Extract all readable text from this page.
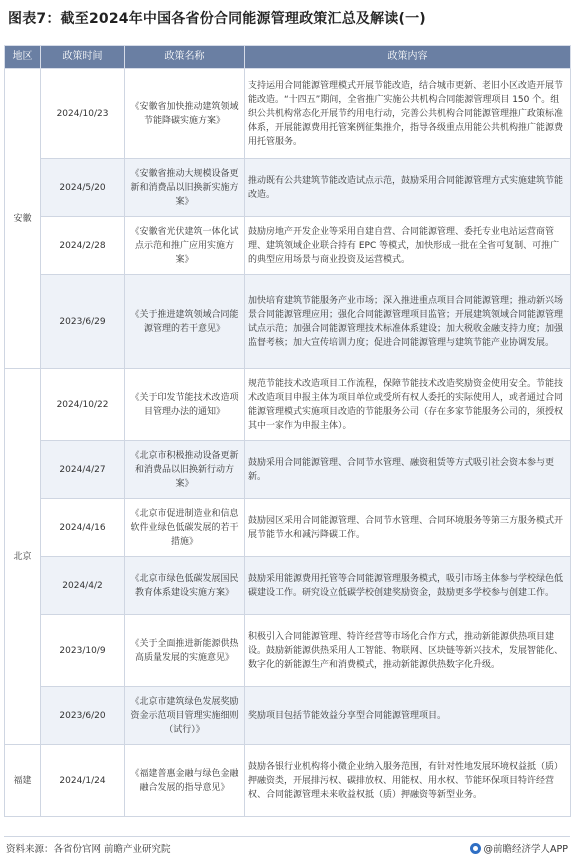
图表7：截至2024年中国各省份合同能源管理政策汇总及解读(一)
地区	政策时间	政策名称	政策内容
安徽	2024/10/23	《安徽省加快推动建筑领域节能降碳实施方案》	支持运用合同能源管理模式开展节能改造，结合城市更新、老旧小区改造开展节能改造。“十四五”期间，全省推广实施公共机构合同能源管理项目 150 个。组织公共机构常态化开展节约用电行动，完善公共机构合同能源管理推广政策标准体系，开展能源费用托管案例征集推介，指导各级重点用能公共机构推广能源费用托管服务。
	2024/5/20	《安徽省推动大规模设备更新和消费品以旧换新实施方案》	推动既有公共建筑节能改造试点示范，鼓励采用合同能源管理方式实施建筑节能改造。
	2024/2/28	《安徽省光伏建筑一体化试点示范和推广应用实施方案》	鼓励房地产开发企业等采用自建自营、合同能源管理、委托专业电站运营商管理、建筑领域企业联合持有 EPC 等模式，加快形成一批在全省可复制、可推广的典型应用场景与商业投资及运营模式。
	2023/6/29	《关于推进建筑领域合同能源管理的若干意见》	加快培育建筑节能服务产业市场；深入推进重点项目合同能源管理；推动新兴场景合同能源管理应用；强化合同能源管理项目监管；开展建筑领域合同能源管理试点示范；加强合同能源管理技术标准体系建设；加大税收金融支持力度；加强监督考核；加大宣传培训力度；促进合同能源管理与建筑节能产业协调发展。
北京	2024/10/22	《关于印发节能技术改造项目管理办法的通知》	规范节能技术改造项目工作流程，保障节能技术改造奖励资金使用安全。节能技术改造项目申报主体为项目单位或受所有权人委托的实际使用人，或者通过合同能源管理模式实施项目改造的节能服务公司（存在多家节能服务公司的，须授权其中一家作为申报主体）。
	2024/4/27	《北京市积极推动设备更新和消费品以旧换新行动方案》	鼓励采用合同能源管理、合同节水管理、融资租赁等方式吸引社会资本参与更新。
	2024/4/16	《北京市促进制造业和信息软件业绿色低碳发展的若干措施》	鼓励园区采用合同能源管理、合同节水管理、合同环境服务等第三方服务模式开展节能节水和减污降碳工作。
	2024/4/2	《北京市绿色低碳发展国民教育体系建设实施方案》	鼓励采用能源费用托管等合同能源管理服务模式，吸引市场主体参与学校绿色低碳建设工作。研究设立低碳学校创建奖励资金，鼓励更多学校参与创建工作。
	2023/10/9	《关于全面推进新能源供热高质量发展的实施意见》	积极引入合同能源管理、特许经营等市场化合作方式，推动新能源供热项目建设。鼓励新能源供热采用人工智能、物联网、区块链等新兴技术，发展智能化、数字化的新能源生产和消费模式，推动新能源供热数字化升级。
	2023/6/20	《北京市建筑绿色发展奖励资金示范项目管理实施细则（试行）》	奖励项目包括节能效益分享型合同能源管理项目。
福建	2024/1/24	《福建普惠金融与绿色金融融合发展的指导意见》	鼓励各银行业机构将小微企业纳入服务范围，有针对性地发展环境权益抵（质）押融资类，开展排污权、碳排放权、用能权、用水权、节能环保项目特许经营权、合同能源管理未来收益权抵（质）押融资等新型业务。
资料来源：各省份官网 前瞻产业研究院	@前瞻经济学人APP
